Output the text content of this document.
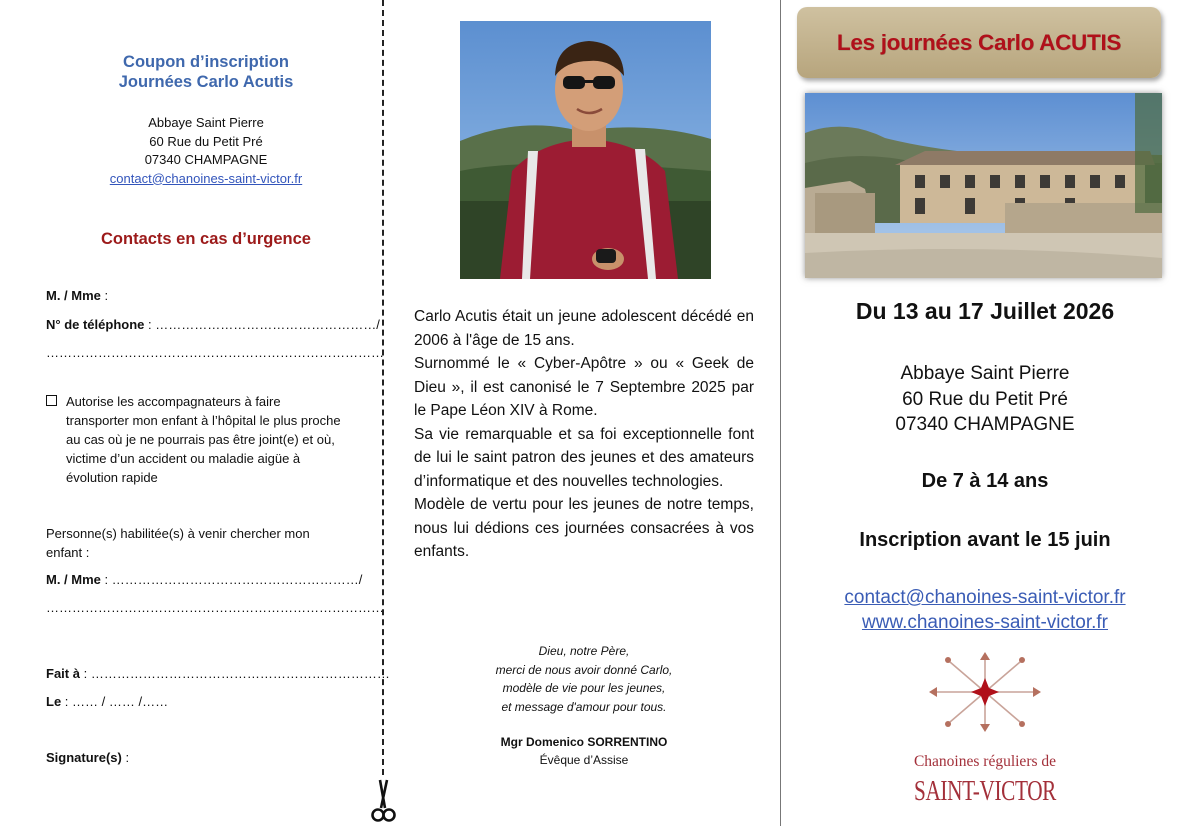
Coupon d’inscription
Journées Carlo Acutis
Abbaye Saint Pierre
60 Rue du Petit Pré
07340 CHAMPAGNE
contact@chanoines-saint-victor.fr
Contacts en cas d’urgence
M. / Mme :
N° de téléphone : ……………………………………………/
……………………………………………………………………
Autorise les accompagnateurs à faire transporter mon enfant à l’hôpital le plus proche au cas où je ne pourrais pas être joint(e) et où, victime d’un accident ou maladie aigüe à évolution rapide
Personne(s) habilitée(s) à venir chercher mon enfant :
M. / Mme : …………………………………………………/
……………………………………………………………………
Fait à : ……………………………………………………………
Le : …… / …… /……
Signature(s) :

Carlo Acutis était un jeune adolescent décédé en 2006 à l'âge de 15 ans.

Surnommé le « Cyber-Apôtre » ou « Geek de Dieu », il est canonisé le 7 Septembre 2025 par le Pape Léon XIV à Rome.

Sa vie remarquable et sa foi exceptionnelle font de lui le saint patron des jeunes et des amateurs d’informatique et des nouvelles technologies.

Modèle de vertu pour les jeunes de notre temps, nous lui dédions ces journées consacrées à vos enfants.

Dieu, notre Père,
merci de nous avoir donné Carlo,
modèle de vie pour les jeunes,
et message d'amour pour tous.
Mgr Domenico SORRENTINO
Évêque d’Assise
Les journées Carlo ACUTIS
Du 13 au 17 Juillet 2026
Abbaye Saint Pierre
60 Rue du Petit Pré
07340 CHAMPAGNE
De 7 à 14 ans
Inscription avant le 15 juin
contact@chanoines-saint-victor.fr
www.chanoines-saint-victor.fr
Chanoines réguliers de
SAINT-VICTOR
